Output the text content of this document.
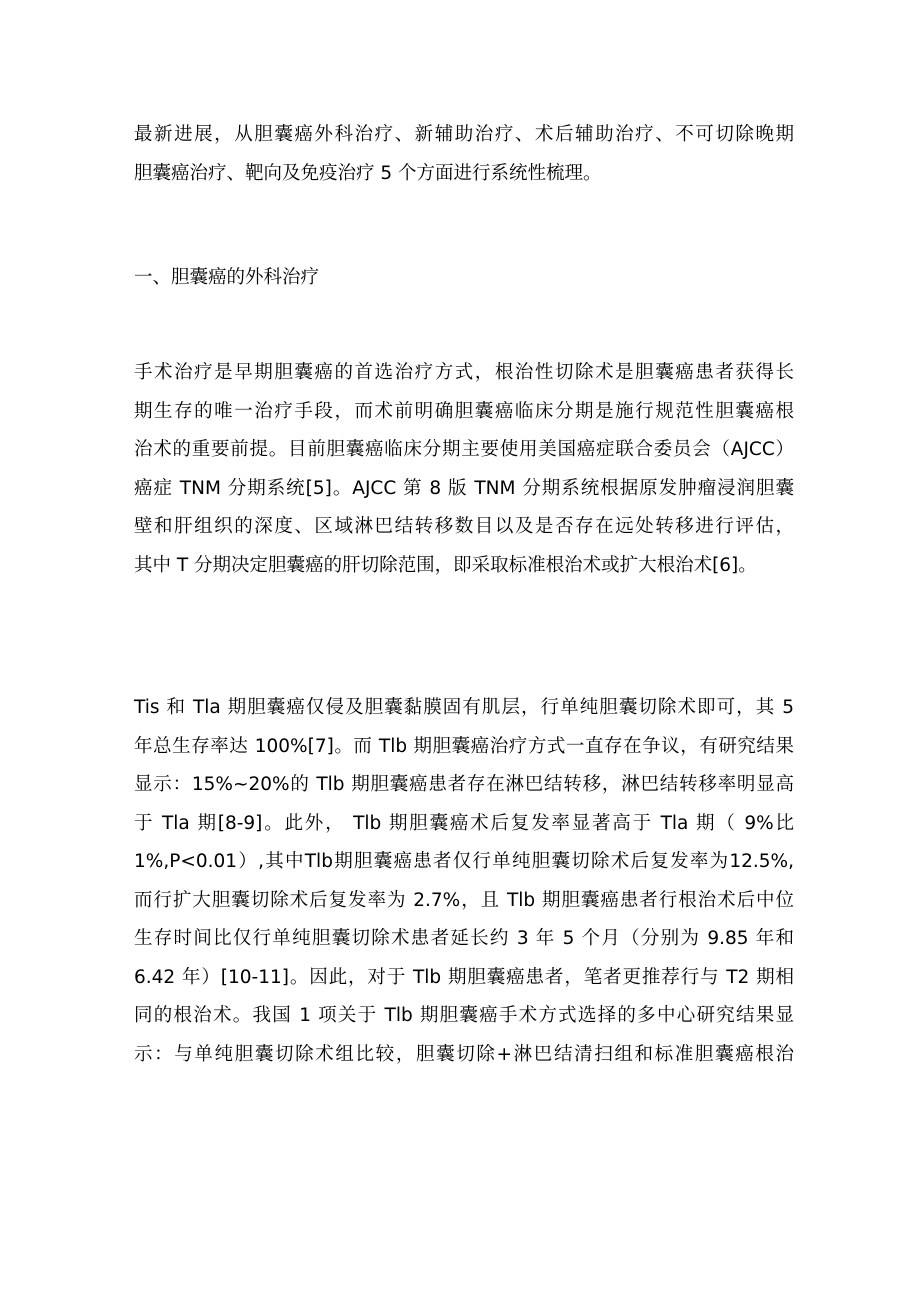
最新进展，从胆囊癌外科治疗、新辅助治疗、术后辅助治疗、不可切除晚期
胆囊癌治疗、靶向及免疫治疗 5 个方面进行系统性梳理。
一、胆囊癌的外科治疗
手术治疗是早期胆囊癌的首选治疗方式，根治性切除术是胆囊癌患者获得长
期生存的唯一治疗手段，而术前明确胆囊癌临床分期是施行规范性胆囊癌根
治术的重要前提。目前胆囊癌临床分期主要使用美国癌症联合委员会（AJCC）
癌症 TNM 分期系统[5]。AJCC 第 8 版 TNM 分期系统根据原发肿瘤浸润胆囊
壁和肝组织的深度、区域淋巴结转移数目以及是否存在远处转移进行评估，
其中 T 分期决定胆囊癌的肝切除范围，即采取标准根治术或扩大根治术[6]。
Tis 和 Tla 期胆囊癌仅侵及胆囊黏膜固有肌层，行单纯胆囊切除术即可，其 5
年总生存率达 100%[7]。而 Tlb 期胆囊癌治疗方式一直存在争议，有研究结果
显示：15%~20%的 Tlb 期胆囊癌患者存在淋巴结转移，淋巴结转移率明显高
于 Tla 期[8-9]。此外， Tlb 期胆囊癌术后复发率显著高于 Tla 期（ 9%比
1%,P<0.01）,其中Tlb期胆囊癌患者仅行单纯胆囊切除术后复发率为12.5%,
而行扩大胆囊切除术后复发率为 2.7%，且 Tlb 期胆囊癌患者行根治术后中位
生存时间比仅行单纯胆囊切除术患者延长约 3 年 5 个月（分别为 9.85 年和
6.42 年）[10-11]。因此，对于 Tlb 期胆囊癌患者，笔者更推荐行与 T2 期相
同的根治术。我国 1 项关于 Tlb 期胆囊癌手术方式选择的多中心研究结果显
示：与单纯胆囊切除术组比较，胆囊切除+淋巴结清扫组和标准胆囊癌根治
